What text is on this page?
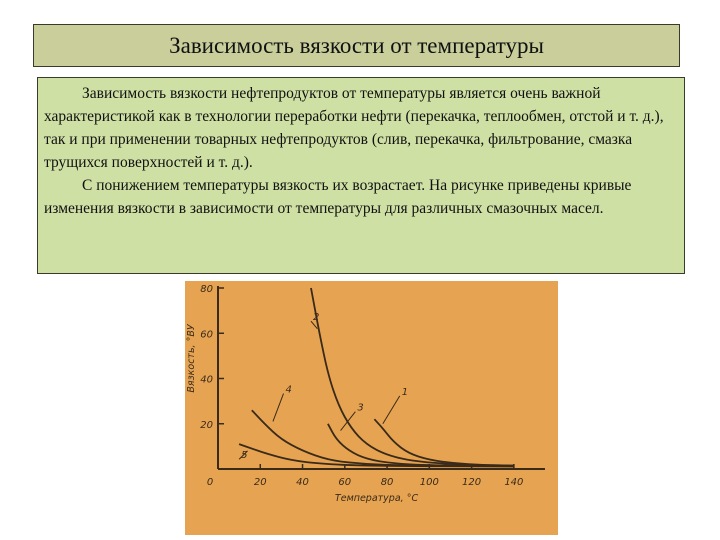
Зависимость вязкости от температуры

Зависимость вязкости нефтепродуктов от температуры является очень важной характеристикой как в технологии переработки нефти (перекачка, теплообмен, отстой и т. д.), так и при применении товарных нефтепродуктов (слив, перекачка, фильтрование, смазка трущихся поверхностей и т. д.).

С понижением температуры вязкость их возрастает. На рисунке приведены кривые изменения вязкости в зависимости от температуры для различных смазочных масел.

20
40
60
80
0	20	40	60	80	100 120 140
Температура, °C
Вязкость, °ВУ	1
2
3
4
5
